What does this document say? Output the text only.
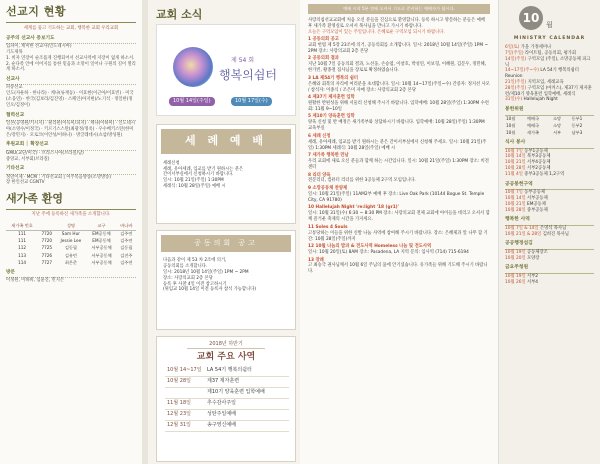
선교지 현황
세계를 품고 기도하는 교회, 행복한 교회 우리교회
공주의 선교사 중보기도
입파미, 케미한 선교사(인도네시아)
기도제목
1. 비자 연장이 순조롭게 진행되어서 선교사역에 지장이 없게 하소서.
2. 순다족 안에 이어지를 통한 믿음과 소망이 일어나 구원의 길이 열리게 하소서.
선교사
파송선교
인도(자운하 · 한나라) · 케냐(류재동) · 이효현(이근아/이효빈) · 미국(소웅연) · 한국(김보라/김진영) · 스페인(아지현)/노기석 · 정일한(정인오/김정이)
협력선교
일본(공명원/키시지) · 필리핀(이득미/피지) · 케냐(이하미) · 인도네시아(소영수/이정국) · 키르기스스탄(최광정/정옥) · 우수베키스탄(한미은/강민지) · 모로코(이안성/이하나) · 방글레데시(쇼삼/방성원)
후원교회 │ 확장선교
GMU(교단/미국) · 브라스시아(브라질/남)
중앙교, 서부회(브라질)
기타선교
정말이제 · MCM : 기타선교회 | 미주복음방송(소망방송)
장 한인선교 CGNTV
새가족 환영
지난 주에 등록하신 새가족을 소개합니다.
새가족 번호		성명	교구	바나바
111	7720	Sam Hur	EM공동체	김주연
111	7720	Jessie Lee	EM공동체	김주연
112	7725	김동필	서부공동체	김동필
113	7726	김유빈	서부공동체	김진주
114	7727	최은준	서부공동체	김주연
방문
이정원, 이하희, 임윤진, 민지은
교회 소식
제 54 회
행복의쉼터
10월 14일(주일)	10월 17일(수)
세 례 예 배
세례신청
세례, 유아세례, 입교를 받기 원하시는 분은
간이서부실에서 신청하시기 바랍니다.
일시: 10월 21일(주일) 1:30PM
세례식: 10월 28일(주일) 예배 시
공동의회 공고
다음과 같이 제 53 차 2조에 의거,
공동의회를 소개합니다.
일시: 2018년 10월 14일(주일) 1PM ~ 2PM
장소: 사랑의교회 2층 본당
등록 후 사찰 4일 이전 참고하시기
(위임교 10월 14일 이전 등록자 참석 가능합니다)
2018년 하반기
교회 주요 사역
10월 14~17일	LA 54기 행복의쉼터
10월 28일	제37 제자훈련
	제10기 양육훈련 입학예배
11월 18일	추수감사주일
12월 23일	성탄주일예배
12월 31일	송구영신예배
예배 시작 5분 전에 오셔서 기도로 준비하는 예배자가 됩시다.
사랑의침선교교회에 처음 오신 분들을 진심으로 환영합니다. 등록 하시고 방문하는 분들은 예배 후 새가족 환영실로 오셔서 목사님을 만나고 가시기 바랍니다.
오늘은 구역모임이 있는 주일입니다. 은혜로운 구역모임 되시기 바랍니다.
1 공동의회 공고
교회 헌법 제 5장 23조에 의거, 공동의회를 소개합니다. 일시: 2018년 10월 14일(주일) 1PM ~ 2PM 장소: 사랑의교회 2층 본당
2 공동의회 결과
지난 10월 7일 공동의회 결과, 노선웅, 손승엽, 이창호, 박성연, 이보형, 이혜원, 김문우, 정민혜, 한가빈, 황종철 집사님을 장로로 확정하였습니다.
3 LA 제54기 행복의 쉼터
은혜와 회복의 자리에 여러분을 초대합니다. 일시: 10월 14~17일(주일~수) 간증자: 정지선 사모 / 참석자: 이종식 / 조은미 자매 장소: 사랑의교회 2층 본당
4 제37기 제자훈련 입학
원활한 반편성을 위해 서둘러 신청해 주시기 바랍니다. 입학예배: 10월 28일(주일) 1:30PM 수련회: 11월 9~10일
5 제10기 양육훈련 입학
양육 신청 및 반 배정은 새가족부와 상담하시기 바랍니다. 입학예배: 10월 28일(주일) 1:30PM 교육부실
6 세례 신청
세례, 유아세례, 입교를 받기 원하시는 분은 간이서부실에서 신청해 주세요. 일시: 10월 21일(주일) 1:30PM 세례식: 10월 28일(주일) 예배 시
7 새가족 행복한 만남
우리 교회에 새로 오신 분들과 함께 하는 시간입니다. 일시: 10월 21일(주일) 1:30PM 장소: 비전센터
8 리더 양육
전문리더, 컴퓨터 리더를 위한 3공동체 2구역 모임입니다.
9 소망공동체 찬양제
일시: 10월 21일(주일) 11AM2부 예배 후 장소: Live Oak Park (10144 Bogue St. Temple City, CA 91780)
10 Hallelujah Night 're:light '18 (gr1)'
일시: 10월 31일(수) 6:30 ~ 8:30 PM 장소: 사랑의교회 전체 교회에 아이들을 데리고 오셔서 함께 즐거운 축제의 시간을 가지세요.
11 Soles 4 Souls
고통당하는 이들을 위한 신발 나눔 사역에 참여해 주시기 바랍니다. 장소: 은혜제과 앞 나무 함 기간: 10월 28일(주일)까지
12 10월 나눔의 밥과 & 전도사역 Homeless 나눔 및 전도사역
일시: 10월 20일(토) 8AM 장소: Pasadena, LA 지역 문의: 임사역 (714) 715-6194
13 장례
고 최승국 권사님께서 10월 6일 주님의 품에 안기셨습니다. 유가족들 위해 기도해 주시기 바랍니다.
10 월
MINISTRY CALENDAR
6일(토) 가을 가정세미나
7일(주일) 라이트팀, 공동의회, 평가회
14일(주일) 구역모임 (주일), 소망공동체 피크닉
14~17일(주~수) LA 54기 행복의쉼터 Reunion
21일(주일) 지역모임, 세례교육
28일(주일) 구역모임 (마커스), 제37기 제자훈련/제10기 양육훈련 입학예배, 세례식
31일(수) Hallelujah Night
봉헌위원
10월	예배국	소망	동부1
10월	예배국	소망	동부2
10월	새가족	서부	남부3
식사 봉사
10월 7일 동부1공동체
10월 14일 북부3공동체
10월 21일 서부4공동체
10월 28일 서부2공동체
11월 4일 중부3공동체 1,2구역
공공봉헌구역
10월 7일 동부공동체
10월 14일 서부공동체
10월 21일 EM공동체
10월 28일 중부공동체
행복한 사역
10월 7일 & 14일 은영석 목사님
10월 21일 & 28일 김희진 목사님
공공행정섬김
10월 19일 공동체장조
10월 20일 모양장
금요주청원
10월 19일 서부2
10월 26일 서부4
